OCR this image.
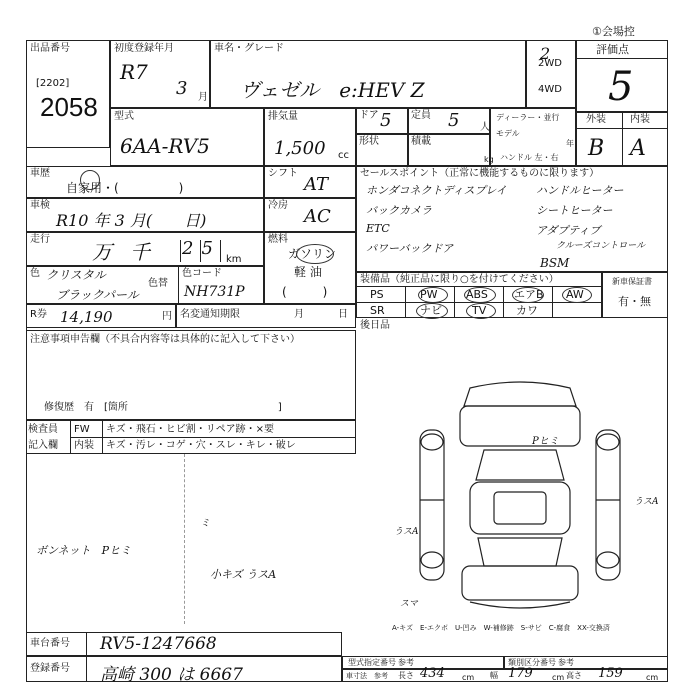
①会場控
出品番号
[2202]
2058
初度登録年月
R7
3 月
車名・グレード
ヴェゼル　e:HEV Z
2
2WD
4WD
評価点
5
型式
6AA-RV5
排気量
1,500 cc
ドア 5 定員 5 人
形状	積載
kg
ディーラー・並行
モデル
年
ハンドル 左・右
外装 内装
B A
車歴
自家用・(　　　　　)
シフト
AT
車検
R10 年 3 月(　　日)
冷房
AC
走行
万 千 25
km
燃料
ガソリン
軽 油
(　　　)
色 クリスタル
ブラックパール
色替
色コード
NH731P
R券 14,190	円 名変通知期限	月	日
セールスポイント（正常に機能するものに限ります）
ホンダコネクトディスプレイ
バックカメラ
ETC
パワーバックドア
ハンドルヒーター
シートヒーター
アダプティブ
クルーズコントロール
BSM
装備品（純正品に限り○を付けてください）
PS	PW	ABS エアB AW
SR	ナビ	TV	カワ
新車保証書
有・無
後日品
注意事項申告欄（不具合内容等は具体的に記入して下さい）
修復歴　有　[箇所　　　　　　　　　　　　　　　]
検査員
記入欄
FW キズ・飛石・ヒビ割・リペア跡・×要
内装 キズ・汚レ・コゲ・穴・スレ・キレ・破レ
ミ
ボンネット　Pヒミ
小キズ うスA
Pヒミ
うスA
うスA
スマ
A-キズ　E-エクボ　U-凹み　W-補修跡　S-サビ　C-腐食　XX-交換済
車台番号 RV5-1247668
登録番号 高崎 300 は 6667
型式指定番号 参考	類別区分番号 参考
車寸法 参考 長さ 434 cm 幅 179 cm 高さ 159	cm
